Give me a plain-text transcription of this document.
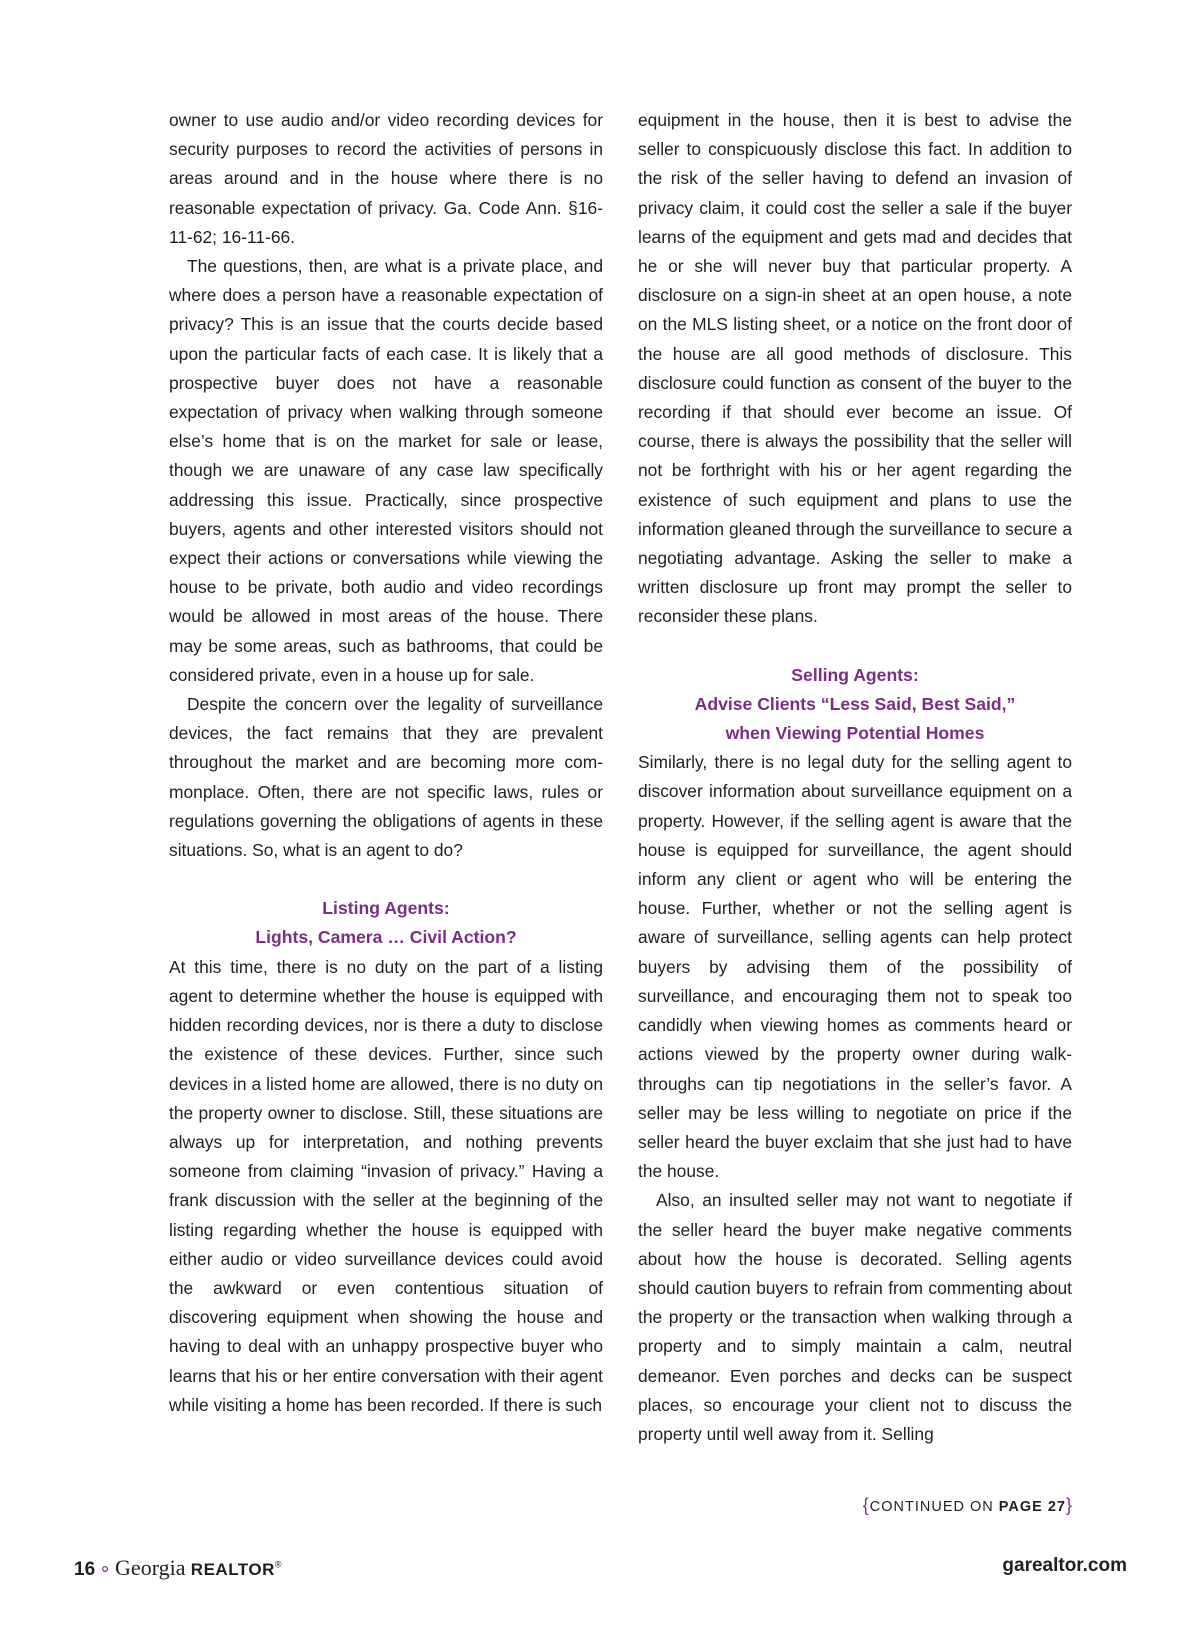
owner to use audio and/or video recording devices for security purposes to record the activities of persons in areas around and in the house where there is no reasonable expectation of privacy. Ga. Code Ann. §16-11-62; 16-11-66.

The questions, then, are what is a private place, and where does a person have a reasonable expectation of privacy? This is an issue that the courts decide based upon the particular facts of each case. It is likely that a prospective buyer does not have a reasonable expectation of privacy when walking through someone else’s home that is on the market for sale or lease, though we are unaware of any case law specifically addressing this issue. Practically, since prospective buyers, agents and other interested visitors should not expect their actions or conversations while viewing the house to be private, both audio and video recordings would be allowed in most areas of the house. There may be some areas, such as bathrooms, that could be considered private, even in a house up for sale.

Despite the concern over the legality of surveillance devices, the fact remains that they are prevalent throughout the market and are becoming more commonplace. Often, there are not specific laws, rules or regulations governing the obligations of agents in these situations. So, what is an agent to do?

Listing Agents:
Lights, Camera … Civil Action?

At this time, there is no duty on the part of a listing agent to determine whether the house is equipped with hidden recording devices, nor is there a duty to disclose the existence of these devices. Further, since such devices in a listed home are allowed, there is no duty on the property owner to disclose. Still, these situations are always up for interpretation, and nothing prevents someone from claiming “invasion of privacy.” Having a frank discussion with the seller at the beginning of the listing regarding whether the house is equipped with either audio or video surveillance devices could avoid the awkward or even contentious situation of discovering equipment when showing the house and having to deal with an unhappy prospective buyer who learns that his or her entire conversation with their agent while visiting a home has been recorded. If there is such

equipment in the house, then it is best to advise the seller to conspicuously disclose this fact. In addition to the risk of the seller having to defend an invasion of privacy claim, it could cost the seller a sale if the buyer learns of the equipment and gets mad and decides that he or she will never buy that particular property. A disclosure on a sign-in sheet at an open house, a note on the MLS listing sheet, or a notice on the front door of the house are all good methods of disclosure. This disclosure could function as consent of the buyer to the recording if that should ever become an issue. Of course, there is always the possibility that the seller will not be forthright with his or her agent regarding the existence of such equipment and plans to use the information gleaned through the surveillance to secure a negotiating advantage. Asking the seller to make a written disclosure up front may prompt the seller to reconsider these plans.

Selling Agents:
Advise Clients “Less Said, Best Said,”
when Viewing Potential Homes

Similarly, there is no legal duty for the selling agent to discover information about surveillance equipment on a property. However, if the selling agent is aware that the house is equipped for surveillance, the agent should inform any client or agent who will be entering the house. Further, whether or not the selling agent is aware of surveillance, selling agents can help protect buyers by advising them of the possibility of surveillance, and encouraging them not to speak too candidly when viewing homes as comments heard or actions viewed by the property owner during walk-throughs can tip negotiations in the seller’s favor. A seller may be less willing to negotiate on price if the seller heard the buyer exclaim that she just had to have the house.

Also, an insulted seller may not want to negotiate if the seller heard the buyer make negative comments about how the house is decorated. Selling agents should caution buyers to refrain from commenting about the property or the transaction when walking through a property and to simply maintain a calm, neutral demeanor. Even porches and decks can be suspect places, so encourage your client not to discuss the property until well away from it. Selling

{CONTINUED ON PAGE 27}
16 ∘ Georgia REALTOR®	garealtor.com
